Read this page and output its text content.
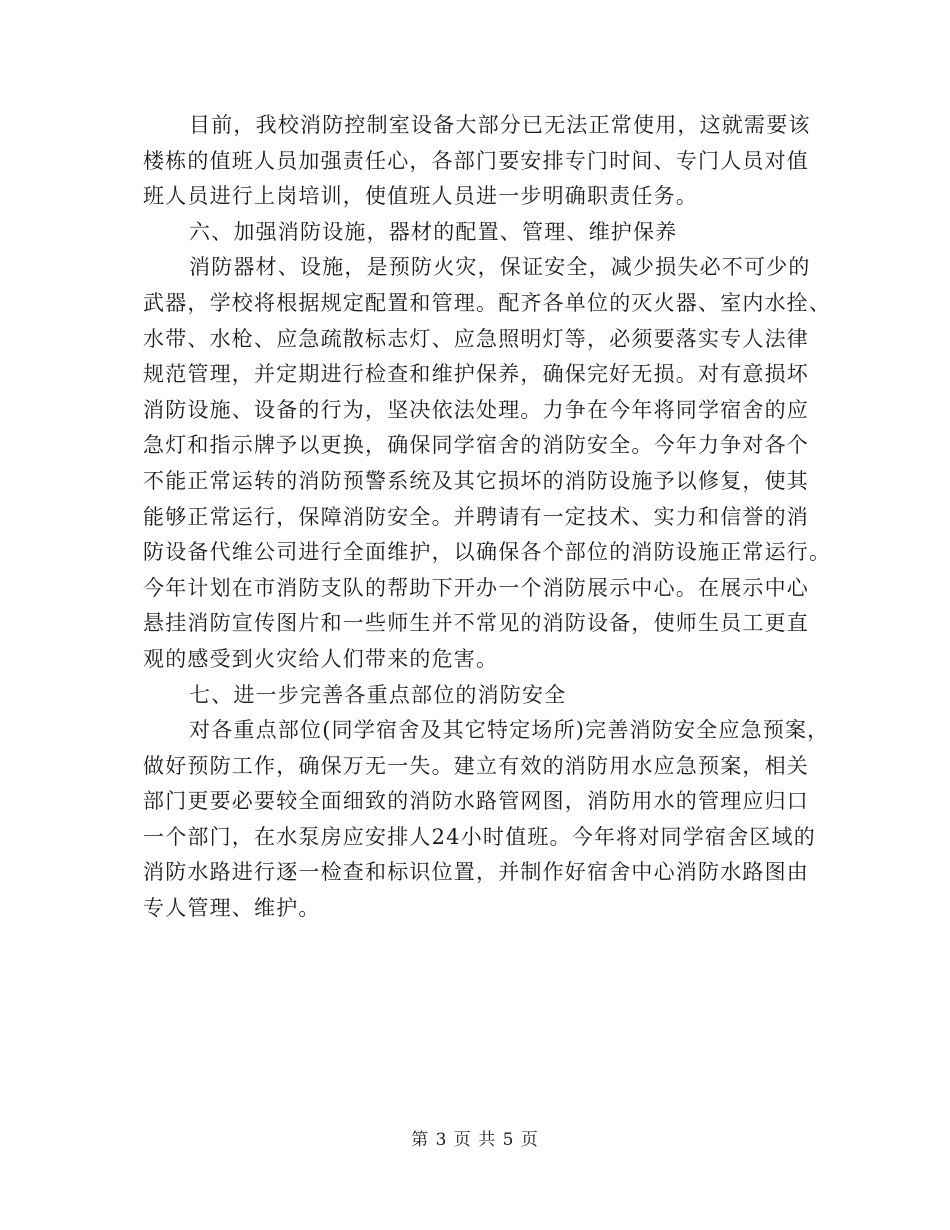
目前，我校消防控制室设备大部分已无法正常使用，这就需要该
楼栋的值班人员加强责任心，各部门要安排专门时间、专门人员对值
班人员进行上岗培训，使值班人员进一步明确职责任务。
六、加强消防设施，器材的配置、管理、维护保养
消防器材、设施，是预防火灾，保证安全，减少损失必不可少的
武器，学校将根据规定配置和管理。配齐各单位的灭火器、室内水拴、
水带、水枪、应急疏散标志灯、应急照明灯等，必须要落实专人法律
规范管理，并定期进行检查和维护保养，确保完好无损。对有意损坏
消防设施、设备的行为，坚决依法处理。力争在今年将同学宿舍的应
急灯和指示牌予以更换，确保同学宿舍的消防安全。今年力争对各个
不能正常运转的消防预警系统及其它损坏的消防设施予以修复，使其
能够正常运行，保障消防安全。并聘请有一定技术、实力和信誉的消
防设备代维公司进行全面维护，以确保各个部位的消防设施正常运行。
今年计划在市消防支队的帮助下开办一个消防展示中心。在展示中心
悬挂消防宣传图片和一些师生并不常见的消防设备，使师生员工更直
观的感受到火灾给人们带来的危害。
七、进一步完善各重点部位的消防安全
对各重点部位(同学宿舍及其它特定场所)完善消防安全应急预案，
做好预防工作，确保万无一失。建立有效的消防用水应急预案，相关
部门更要必要较全面细致的消防水路管网图，消防用水的管理应归口
一个部门，在水泵房应安排人24小时值班。今年将对同学宿舍区域的
消防水路进行逐一检查和标识位置，并制作好宿舍中心消防水路图由
专人管理、维护。
第 3 页 共 5 页
